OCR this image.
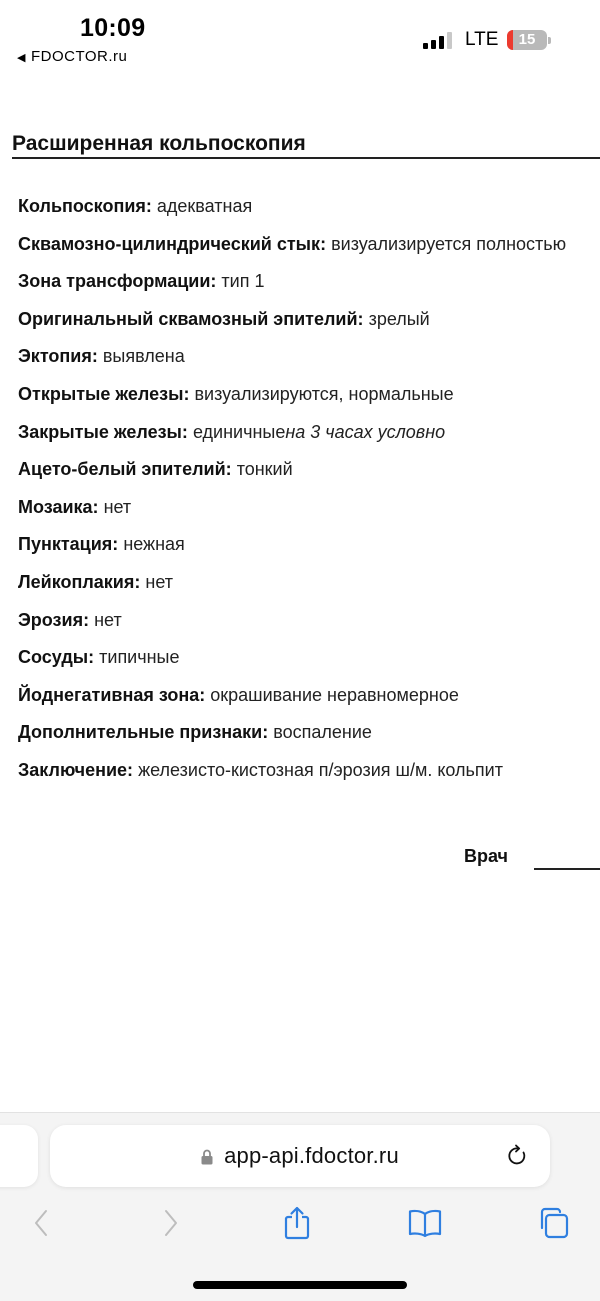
10:09
◀ FDOCTOR.ru
LTE	15
Расширенная кольпоскопия
Кольпоскопия: адекватная
Сквамозно-цилиндрический стык: визуализируется полностью
Зона трансформации: тип 1
Оригинальный сквамозный эпителий: зрелый
Эктопия: выявлена
Открытые железы: визуализируются, нормальные
Закрытые железы: единичныена 3 часах условно
Ацето-белый эпителий: тонкий
Мозаика: нет
Пунктация: нежная
Лейкоплакия: нет
Эрозия: нет
Сосуды: типичные
Йоднегативная зона: окрашивание неравномерное
Дополнительные признаки: воспаление
Заключение: железисто-кистозная п/эрозия ш/м. кольпит
Врач
app-api.fdoctor.ru
